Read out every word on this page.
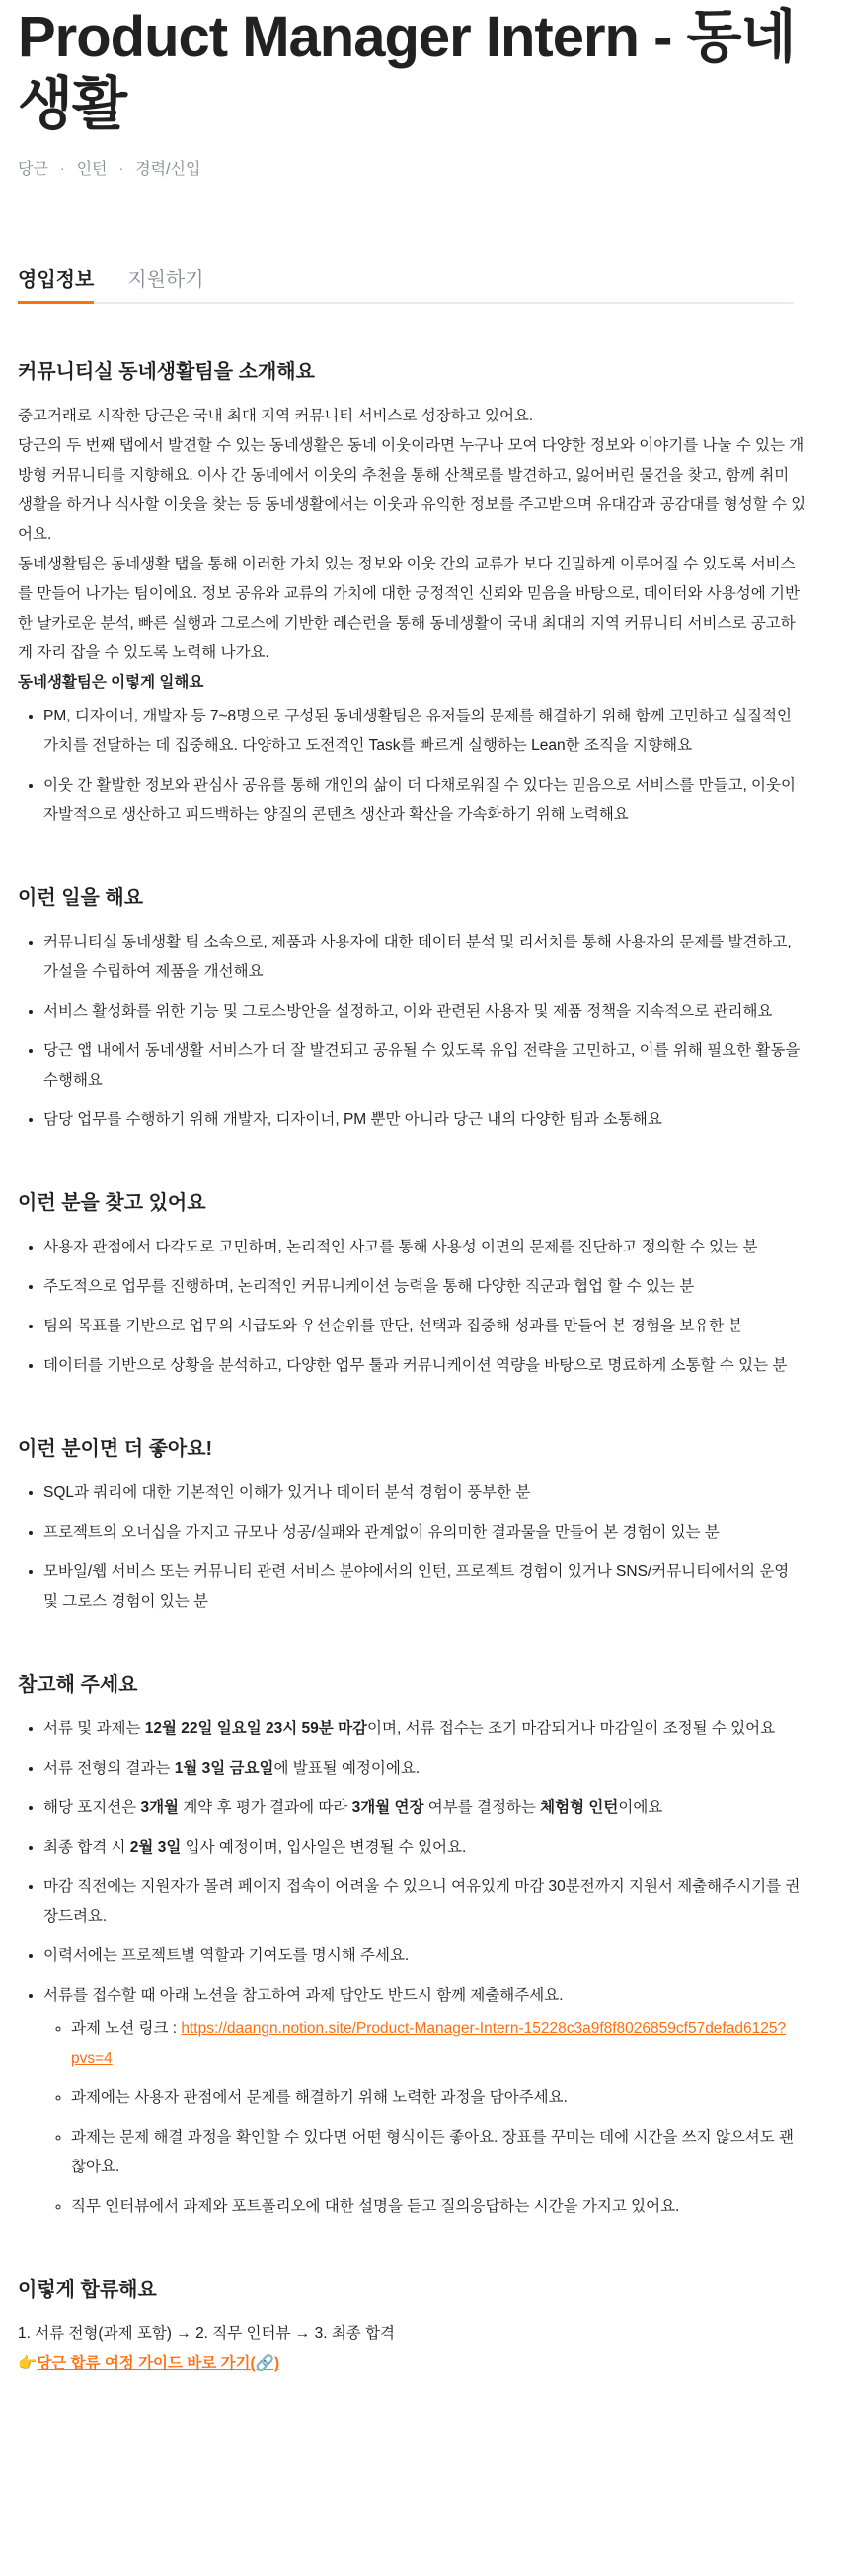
Product Manager Intern - 동네생활
당근 · 인턴 · 경력/신입
영입정보 지원하기
커뮤니티실 동네생활팀을 소개해요

중고거래로 시작한 당근은 국내 최대 지역 커뮤니티 서비스로 성장하고 있어요.

당근의 두 번째 탭에서 발견할 수 있는 동네생활은 동네 이웃이라면 누구나 모여 다양한 정보와 이야기를 나눌 수 있는 개방형 커뮤니티를 지향해요. 이사 간 동네에서 이웃의 추천을 통해 산책로를 발견하고, 잃어버린 물건을 찾고, 함께 취미 생활을 하거나 식사할 이웃을 찾는 등 동네생활에서는 이웃과 유익한 정보를 주고받으며 유대감과 공감대를 형성할 수 있어요.

동네생활팀은 동네생활 탭을 통해 이러한 가치 있는 정보와 이웃 간의 교류가 보다 긴밀하게 이루어질 수 있도록 서비스를 만들어 나가는 팀이에요. 정보 공유와 교류의 가치에 대한 긍정적인 신뢰와 믿음을 바탕으로, 데이터와 사용성에 기반한 날카로운 분석, 빠른 실행과 그로스에 기반한 레슨런을 통해 동네생활이 국내 최대의 지역 커뮤니티 서비스로 공고하게 자리 잡을 수 있도록 노력해 나가요.

동네생활팀은 이렇게 일해요

• PM, 디자이너, 개발자 등 7~8명으로 구성된 동네생활팀은 유저들의 문제를 해결하기 위해 함께 고민하고 실질적인 가치를 전달하는 데 집중해요. 다양하고 도전적인 Task를 빠르게 실행하는 Lean한 조직을 지향해요
• 이웃 간 활발한 정보와 관심사 공유를 통해 개인의 삶이 더 다채로워질 수 있다는 믿음으로 서비스를 만들고, 이웃이 자발적으로 생산하고 피드백하는 양질의 콘텐츠 생산과 확산을 가속화하기 위해 노력해요
이런 일을 해요
• 커뮤니티실 동네생활 팀 소속으로, 제품과 사용자에 대한 데이터 분석 및 리서치를 통해 사용자의 문제를 발견하고, 가설을 수립하여 제품을 개선해요
• 서비스 활성화를 위한 기능 및 그로스방안을 설정하고, 이와 관련된 사용자 및 제품 정책을 지속적으로 관리해요
• 당근 앱 내에서 동네생활 서비스가 더 잘 발견되고 공유될 수 있도록 유입 전략을 고민하고, 이를 위해 필요한 활동을 수행해요
• 담당 업무를 수행하기 위해 개발자, 디자이너, PM 뿐만 아니라 당근 내의 다양한 팀과 소통해요
이런 분을 찾고 있어요
• 사용자 관점에서 다각도로 고민하며, 논리적인 사고를 통해 사용성 이면의 문제를 진단하고 정의할 수 있는 분
• 주도적으로 업무를 진행하며, 논리적인 커뮤니케이션 능력을 통해 다양한 직군과 협업 할 수 있는 분
• 팀의 목표를 기반으로 업무의 시급도와 우선순위를 판단, 선택과 집중해 성과를 만들어 본 경험을 보유한 분
• 데이터를 기반으로 상황을 분석하고, 다양한 업무 툴과 커뮤니케이션 역량을 바탕으로 명료하게 소통할 수 있는 분
이런 분이면 더 좋아요!
• SQL과 쿼리에 대한 기본적인 이해가 있거나 데이터 분석 경험이 풍부한 분
• 프로젝트의 오너십을 가지고 규모나 성공/실패와 관계없이 유의미한 결과물을 만들어 본 경험이 있는 분
• 모바일/웹 서비스 또는 커뮤니티 관련 서비스 분야에서의 인턴, 프로젝트 경험이 있거나 SNS/커뮤니티에서의 운영 및 그로스 경험이 있는 분
참고해 주세요
• 서류 및 과제는 12월 22일 일요일 23시 59분 마감이며, 서류 접수는 조기 마감되거나 마감일이 조정될 수 있어요
• 서류 전형의 결과는 1월 3일 금요일에 발표될 예정이에요.
• 해당 포지션은 3개월 계약 후 평가 결과에 따라 3개월 연장 여부를 결정하는 체험형 인턴이에요
• 최종 합격 시 2월 3일 입사 예정이며, 입사일은 변경될 수 있어요.
• 마감 직전에는 지원자가 몰려 페이지 접속이 어려울 수 있으니 여유있게 마감 30분전까지 지원서 제출해주시기를 권장드려요.
• 이력서에는 프로젝트별 역할과 기여도를 명시해 주세요.
• 서류를 접수할 때 아래 노션을 참고하여 과제 답안도 반드시 함께 제출해주세요.
◦ 과제 노션 링크 : https://daangn.notion.site/Product-Manager-Intern-15228c3a9f8f8026859cf57defad6125?pvs=4
◦ 과제에는 사용자 관점에서 문제를 해결하기 위해 노력한 과정을 담아주세요.
◦ 과제는 문제 해결 과정을 확인할 수 있다면 어떤 형식이든 좋아요. 장표를 꾸미는 데에 시간을 쓰지 않으셔도 괜찮아요.
◦ 직무 인터뷰에서 과제와 포트폴리오에 대한 설명을 듣고 질의응답하는 시간을 가지고 있어요.
이렇게 합류해요
1. 서류 전형(과제 포함) → 2. 직무 인터뷰 → 3. 최종 합격
👉당근 합류 여정 가이드 바로 가기(🔗)
